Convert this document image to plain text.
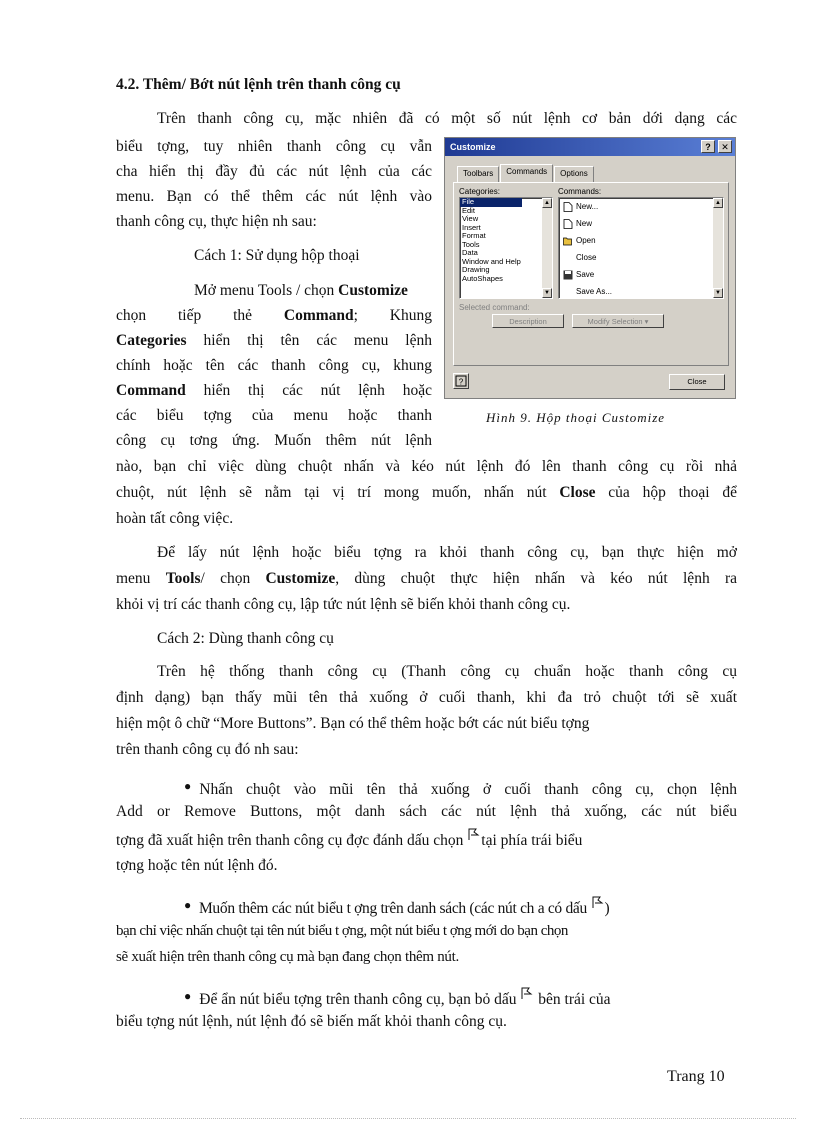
4.2. Thêm/ Bớt nút lệnh trên thanh công cụ

Trên thanh công cụ, mặc nhiên đã có một số nút lệnh cơ bản dới dạng các

biểu tợng, tuy nhiên thanh công cụ vẫn

cha hiển thị đầy đủ các nút lệnh của các

menu. Bạn có thể thêm các nút lệnh vào

thanh công cụ, thực hiện nh sau:

Cách 1: Sử dụng hộp thoại

Mở menu Tools / chọn Customize

chọn tiếp thẻ Command; Khung

Categories hiển thị tên các menu lệnh

chính hoặc tên các thanh công cụ, khung

Command hiển thị các nút lệnh hoặc

các biểu tợng của menu hoặc thanh

công cụ tơng ứng. Muốn thêm nút lệnh

nào, bạn chỉ việc dùng chuột nhấn và kéo nút lệnh đó lên thanh công cụ rồi nhả

chuột, nút lệnh sẽ nằm tại vị trí mong muốn, nhấn nút Close của hộp thoại để

hoàn tất công việc.

Để lấy nút lệnh hoặc biểu tợng ra khỏi thanh công cụ, bạn thực hiện mở

menu Tools/ chọn Customize, dùng chuột thực hiện nhấn và kéo nút lệnh ra

khỏi vị trí các thanh công cụ, lập tức nút lệnh sẽ biến khỏi thanh công cụ.

Cách 2: Dùng thanh công cụ

Trên hệ thống thanh công cụ (Thanh công cụ chuẩn hoặc thanh công cụ

định dạng) bạn thấy mũi tên thả xuống ở cuối thanh, khi đa trỏ chuột tới sẽ xuất

hiện một ô chữ “More Buttons”. Bạn có thể thêm hoặc bớt các nút biểu tợng

trên thanh công cụ đó nh sau:

● Nhấn chuột vào mũi tên thả xuống ở cuối thanh công cụ, chọn lệnh

Add or Remove Buttons, một danh sách các nút lệnh thả xuống, các nút biểu

tợng đã xuất hiện trên thanh công cụ đợc đánh dấu chọn tại phía trái biểu

tợng hoặc tên nút lệnh đó.

● Muốn thêm các nút biểu t ợng trên danh sách (các nút ch a có dấu )

bạn chỉ việc nhấn chuột tại tên nút biểu t ợng, một nút biểu t ợng mới do bạn chọn

sẽ xuất hiện trên thanh công cụ mà bạn đang chọn thêm nút.

● Để ẩn nút biểu tợng trên thanh công cụ, bạn bỏ dấu  bên trái của

biểu tợng nút lệnh, nút lệnh đó sẽ biến mất khỏi thanh công cụ.

Customize	?	✕
Toolbars	Commands	Options
Categories:	Commands:
File
Edit
View
Insert
Format
Tools
Data
Window and Help
Drawing
AutoShapes
▲
▼
New...
New
Open
Close
Save
Save As...
▲
▼
Selected command:
Description	Modify Selection ▾
?	Close
Hình 9. Hộp thoại Customize
Trang 10
